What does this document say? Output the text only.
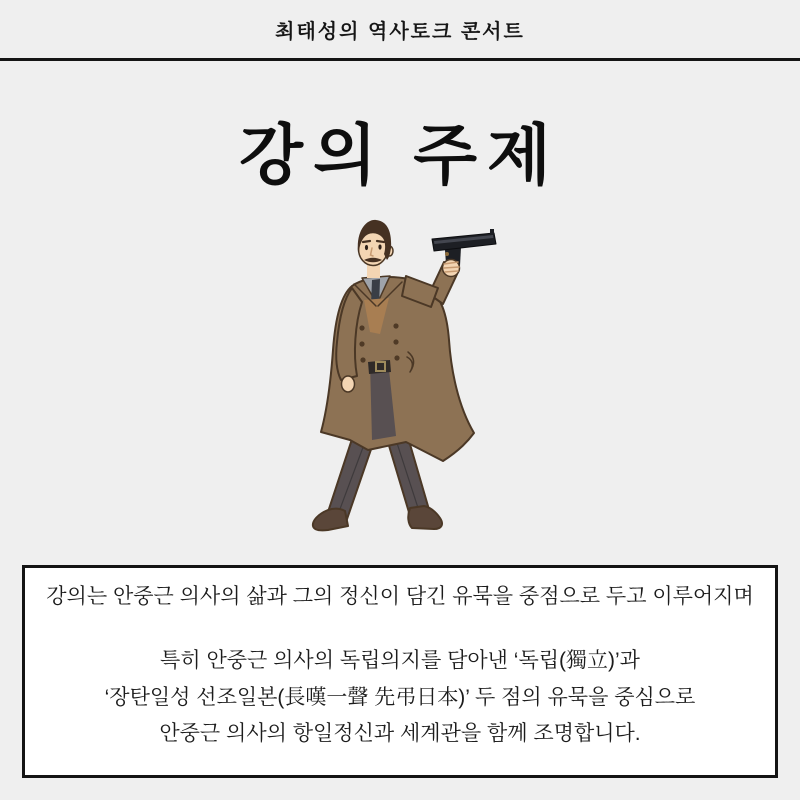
최태성의 역사토크 콘서트
강의 주제

강의는 안중근 의사의 삶과 그의 정신이 담긴 유묵을 중점으로 두고 이루어지며

특히 안중근 의사의 독립의지를 담아낸 ‘독립(獨立)’과

‘장탄일성 선조일본(長嘆一聲 先弔日本)’ 두 점의 유묵을 중심으로

안중근 의사의 항일정신과 세계관을 함께 조명합니다.
